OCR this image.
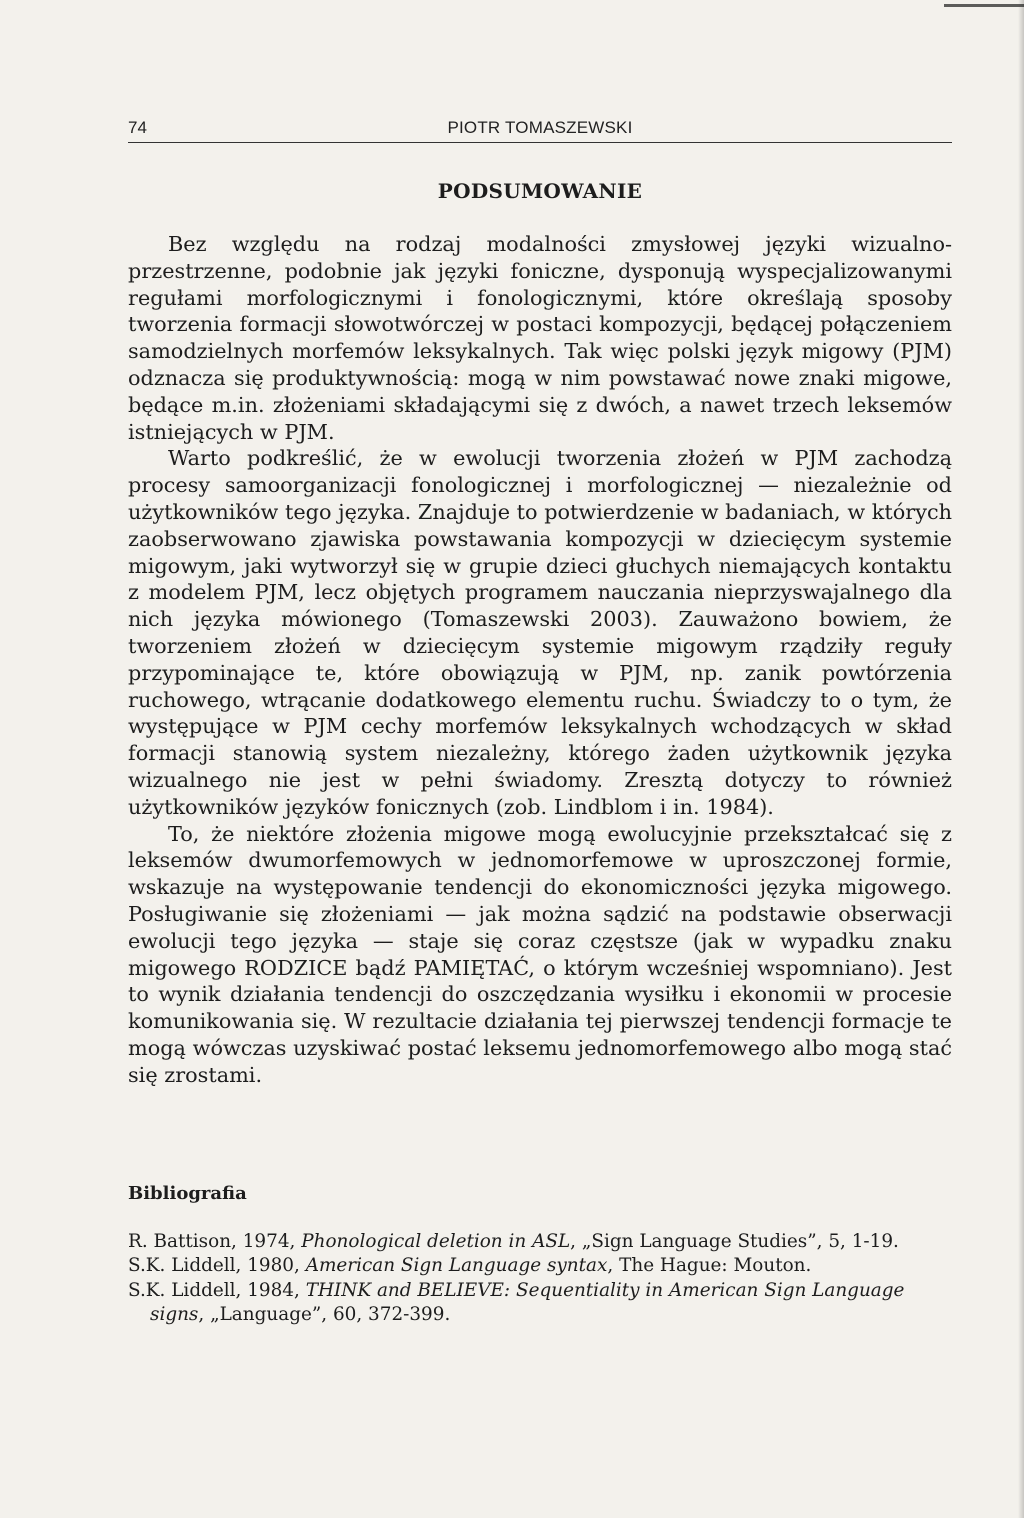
74	PIOTR TOMASZEWSKI
PODSUMOWANIE

Bez względu na rodzaj modalności zmysłowej języki wizualno-przestrzenne, podobnie jak języki foniczne, dysponują wyspecjalizowanymi regułami morfologicznymi i fonologicznymi, które określają sposoby tworzenia formacji słowotwórczej w postaci kompozycji, będącej połączeniem samodzielnych morfemów leksykalnych. Tak więc polski język migowy (PJM) odznacza się produktywnością: mogą w nim powstawać nowe znaki migowe, będące m.in. złożeniami składającymi się z dwóch, a nawet trzech leksemów istniejących w PJM.

Warto podkreślić, że w ewolucji tworzenia złożeń w PJM zachodzą procesy samoorganizacji fonologicznej i morfologicznej — niezależnie od użytkowników tego języka. Znajduje to potwierdzenie w badaniach, w których zaobserwowano zjawiska powstawania kompozycji w dziecięcym systemie migowym, jaki wytworzył się w grupie dzieci głuchych niemających kontaktu z modelem PJM, lecz objętych programem nauczania nieprzyswajalnego dla nich języka mówionego (Tomaszewski 2003). Zauważono bowiem, że tworzeniem złożeń w dziecięcym systemie migowym rządziły reguły przypominające te, które obowiązują w PJM, np. zanik powtórzenia ruchowego, wtrącanie dodatkowego elementu ruchu. Świadczy to o tym, że występujące w PJM cechy morfemów leksykalnych wchodzących w skład formacji stanowią system niezależny, którego żaden użytkownik języka wizualnego nie jest w pełni świadomy. Zresztą dotyczy to również użytkowników języków fonicznych (zob. Lindblom i in. 1984).

To, że niektóre złożenia migowe mogą ewolucyjnie przekształcać się z leksemów dwumorfemowych w jednomorfemowe w uproszczonej formie, wskazuje na występowanie tendencji do ekonomiczności języka migowego. Posługiwanie się złożeniami — jak można sądzić na podstawie obserwacji ewolucji tego języka — staje się coraz częstsze (jak w wypadku znaku migowego RODZICE bądź PAMIĘTAĆ, o którym wcześniej wspomniano). Jest to wynik działania tendencji do oszczędzania wysiłku i ekonomii w procesie komunikowania się. W rezultacie działania tej pierwszej tendencji formacje te mogą wówczas uzyskiwać postać leksemu jednomorfemowego albo mogą stać się zrostami.

Bibliografia
R. Battison, 1974, Phonological deletion in ASL, „Sign Language Studies”, 5, 1-19.
S.K. Liddell, 1980, American Sign Language syntax, The Hague: Mouton.
S.K. Liddell, 1984, THINK and BELIEVE: Sequentiality in American Sign Language signs, „Language”, 60, 372-399.
